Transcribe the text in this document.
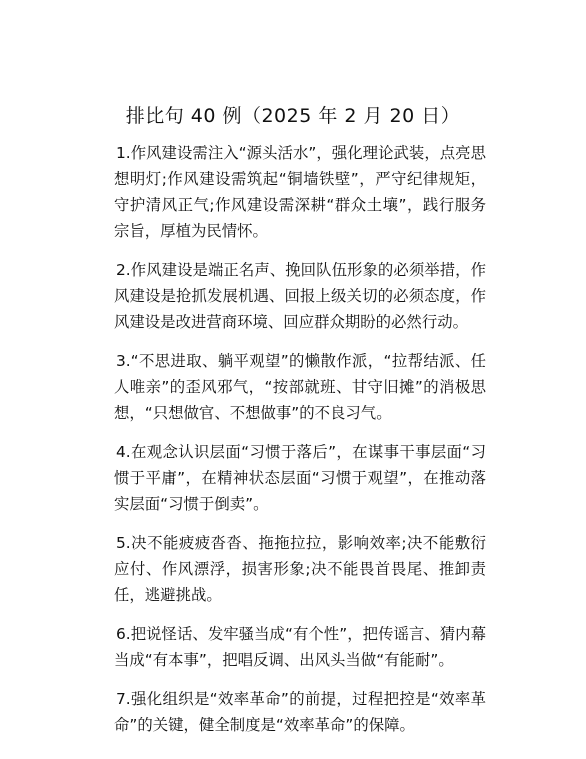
排比句 40 例（2025 年 2 月 20 日）

1.作风建设需注入“源头活水”，强化理论武装，点亮思想明灯;作风建设需筑起“铜墙铁壁”，严守纪律规矩，守护清风正气;作风建设需深耕“群众土壤”，践行服务宗旨，厚植为民情怀。

2.作风建设是端正名声、挽回队伍形象的必须举措，作风建设是抢抓发展机遇、回报上级关切的必须态度，作风建设是改进营商环境、回应群众期盼的必然行动。

3.“不思进取、躺平观望”的懒散作派，“拉帮结派、任人唯亲”的歪风邪气，“按部就班、甘守旧摊”的消极思想，“只想做官、不想做事”的不良习气。

4.在观念认识层面“习惯于落后”，在谋事干事层面“习惯于平庸”，在精神状态层面“习惯于观望”，在推动落实层面“习惯于倒卖”。

5.决不能疲疲沓沓、拖拖拉拉，影响效率;决不能敷衍应付、作风漂浮，损害形象;决不能畏首畏尾、推卸责任，逃避挑战。

6.把说怪话、发牢骚当成“有个性”，把传谣言、猜内幕当成“有本事”，把唱反调、出风头当做“有能耐”。

7.强化组织是“效率革命”的前提，过程把控是“效率革命”的关键，健全制度是“效率革命”的保障。
